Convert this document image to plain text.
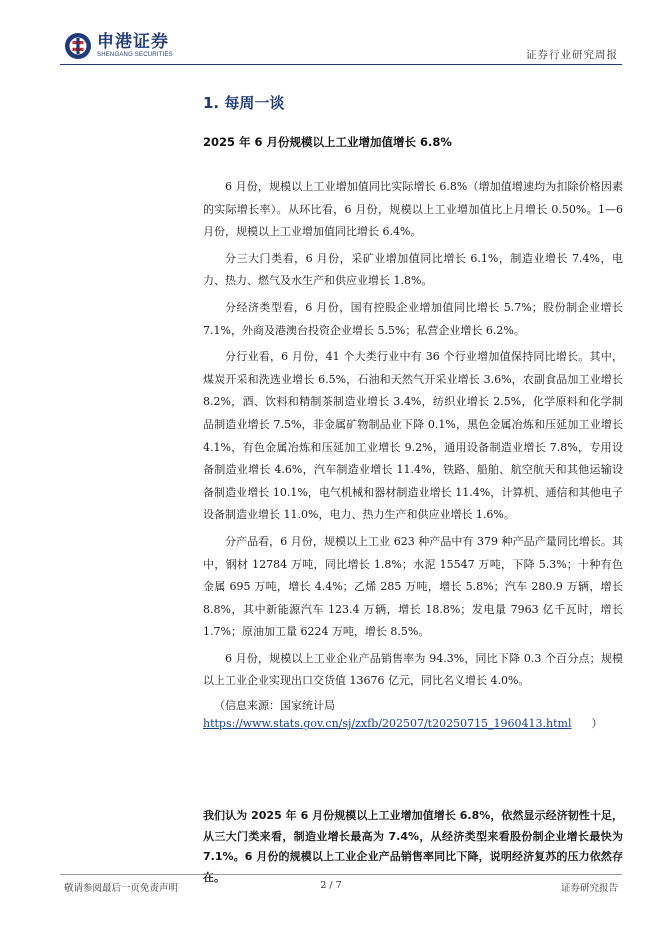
申港证券
SHENGANG SECURITIES	证券行业研究周报
1. 每周一谈
2025 年 6 月份规模以上工业增加值增长 6.8%

6 月份，规模以上工业增加值同比实际增长 6.8%（增加值增速均为扣除价格因素的实际增长率）。从环比看，6 月份，规模以上工业增加值比上月增长 0.50%。1—6 月份，规模以上工业增加值同比增长 6.4%。

分三大门类看，6 月份，采矿业增加值同比增长 6.1%，制造业增长 7.4%，电力、热力、燃气及水生产和供应业增长 1.8%。

分经济类型看，6 月份，国有控股企业增加值同比增长 5.7%；股份制企业增长 7.1%，外商及港澳台投资企业增长 5.5%；私营企业增长 6.2%。

分行业看，6 月份，41 个大类行业中有 36 个行业增加值保持同比增长。其中，煤炭开采和洗选业增长 6.5%，石油和天然气开采业增长 3.6%，农副食品加工业增长 8.2%，酒、饮料和精制茶制造业增长 3.4%，纺织业增长 2.5%，化学原料和化学制品制造业增长 7.5%，非金属矿物制品业下降 0.1%，黑色金属冶炼和压延加工业增长 4.1%，有色金属冶炼和压延加工业增长 9.2%，通用设备制造业增长 7.8%，专用设备制造业增长 4.6%，汽车制造业增长 11.4%，铁路、船舶、航空航天和其他运输设备制造业增长 10.1%，电气机械和器材制造业增长 11.4%，计算机、通信和其他电子设备制造业增长 11.0%，电力、热力生产和供应业增长 1.6%。

分产品看，6 月份，规模以上工业 623 种产品中有 379 种产品产量同比增长。其中，钢材 12784 万吨，同比增长 1.8%；水泥 15547 万吨，下降 5.3%；十种有色金属 695 万吨，增长 4.4%；乙烯 285 万吨，增长 5.8%；汽车 280.9 万辆，增长 8.8%，其中新能源汽车 123.4 万辆，增长 18.8%；发电量 7963 亿千瓦时，增长 1.7%；原油加工量 6224 万吨，增长 8.5%。

6 月份，规模以上工业企业产品销售率为 94.3%，同比下降 0.3 个百分点；规模以上工业企业实现出口交货值 13676 亿元，同比名义增长 4.0%。

（信息来源：国家统计局
https://www.stats.gov.cn/sj/zxfb/202507/t20250715_1960413.html ）
我们认为 2025 年 6 月份规模以上工业增加值增长 6.8%，依然显示经济韧性十足，从三大门类来看，制造业增长最高为 7.4%，从经济类型来看股份制企业增长最快为 7.1%。6 月份的规模以上工业企业产品销售率同比下降，说明经济复苏的压力依然存在。
敬请参阅最后一页免责声明	2 / 7	证券研究报告
